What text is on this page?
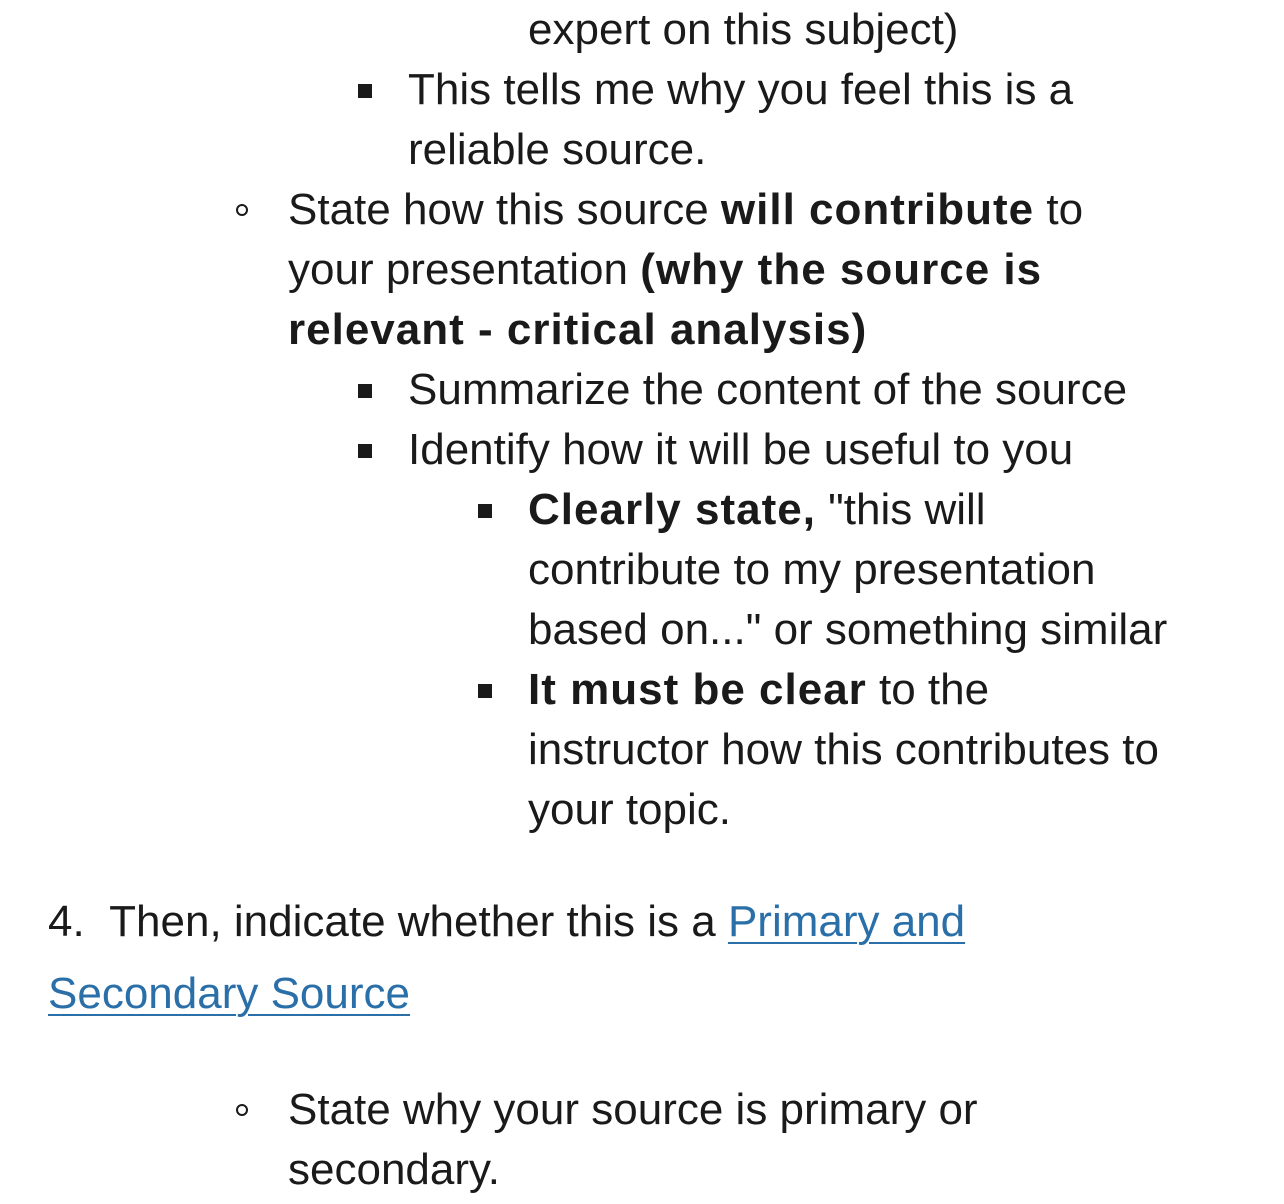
expert on this subject)
This tells me why you feel this is a
reliable source.
State how this source will contribute to
your presentation (why the source is
relevant - critical analysis)
Summarize the content of the source
Identify how it will be useful to you
Clearly state, "this will
contribute to my presentation
based on..." or something similar
It must be clear to the
instructor how this contributes to
your topic.
4. Then, indicate whether this is a Primary and
Secondary Source
State why your source is primary or
secondary.
